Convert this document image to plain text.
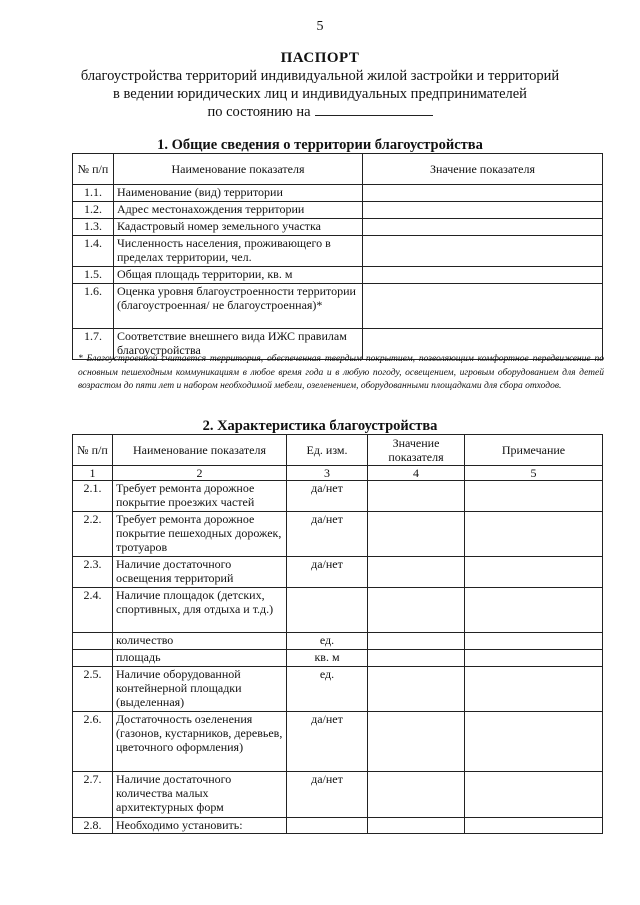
5
ПАСПОРТ
благоустройства территорий индивидуальной жилой застройки и территорий
в ведении юридических лиц и индивидуальных предпринимателей
по состоянию на
1. Общие сведения о территории благоустройства
№ п/п	Наименование показателя	Значение показателя
1.1.	Наименование (вид) территории	
1.2.	Адрес местонахождения территории	
1.3.	Кадастровый номер земельного участка	
1.4.	Численность населения, проживающего в пределах территории, чел.	
1.5.	Общая площадь территории, кв. м	
1.6.	Оценка уровня благоустроенности территории (благоустроенная/ не благоустроенная)*	
1.7.	Соответствие внешнего вида ИЖС правилам благоустройства	
* Благоустроенной считается территория, обеспеченная твердым покрытием, позволяющим комфортное передвижение по основным пешеходным коммуникациям в любое время года и в любую погоду, освещением, игровым оборудованием для детей возрастом до пяти лет и набором необходимой мебели, озеленением, оборудованными площадками для сбора отходов.
2. Характеристика благоустройства
№ п/п	Наименование показателя	Ед. изм.	Значение показателя	Примечание
1	2	3	4	5
2.1.	Требует ремонта дорожное покрытие проезжих частей	да/нет		
2.2.	Требует ремонта дорожное покрытие пешеходных дорожек, тротуаров	да/нет		
2.3.	Наличие достаточного освещения территорий	да/нет		
2.4.	Наличие площадок (детских, спортивных, для отдыха и т.д.)			
	количество	ед.		
	площадь	кв. м		
2.5.	Наличие оборудованной контейнерной площадки (выделенная)	ед.		
2.6.	Достаточность озеленения (газонов, кустарников, деревьев, цветочного оформления)	да/нет		
2.7.	Наличие достаточного количества малых архитектурных форм	да/нет		
2.8.	Необходимо установить:			
